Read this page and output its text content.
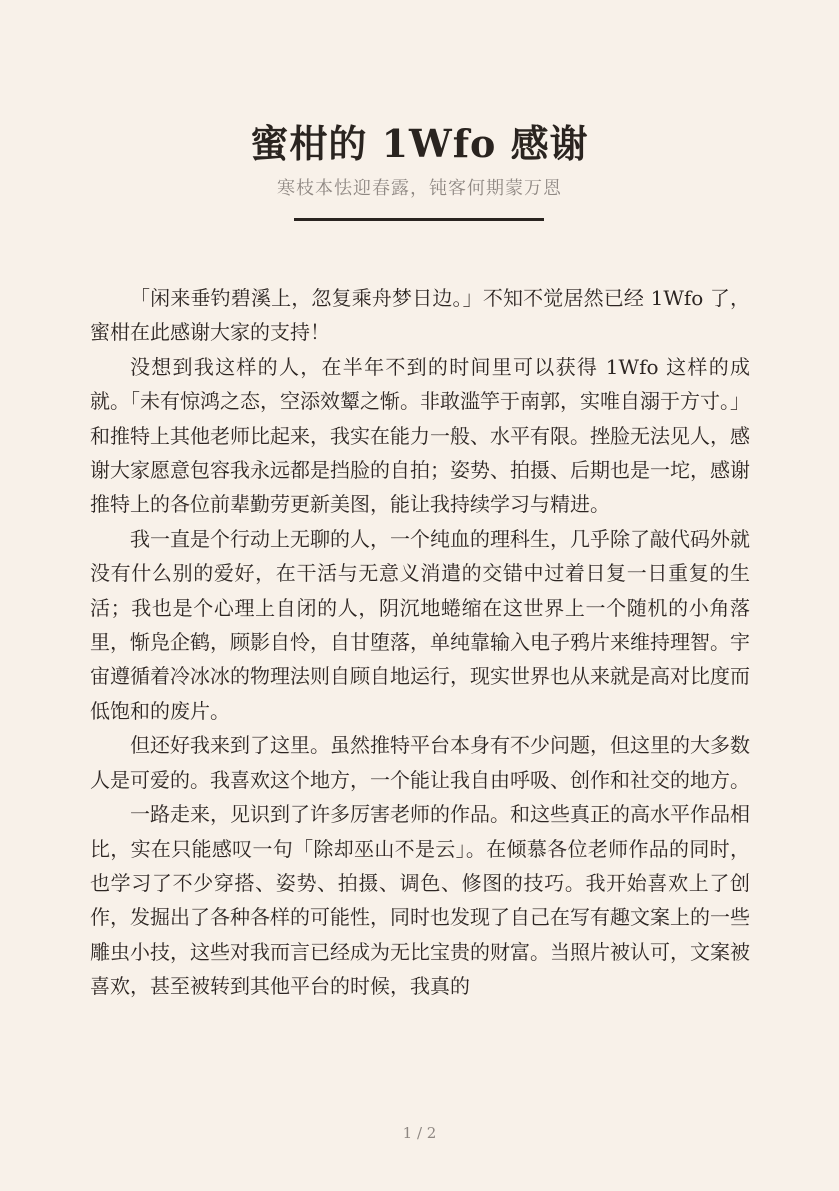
蜜柑的 1Wfo 感谢
寒枝本怯迎春露，钝客何期蒙万恩

「闲来垂钓碧溪上，忽复乘舟梦日边。」不知不觉居然已经 1Wfo 了，蜜柑在此感谢大家的支持！

没想到我这样的人，在半年不到的时间里可以获得 1Wfo 这样的成就。「未有惊鸿之态，空添效颦之惭。非敢滥竽于南郭，实唯自溺于方寸。」和推特上其他老师比起来，我实在能力一般、水平有限。挫脸无法见人，感谢大家愿意包容我永远都是挡脸的自拍；姿势、拍摄、后期也是一坨，感谢推特上的各位前辈勤劳更新美图，能让我持续学习与精进。

我一直是个行动上无聊的人，一个纯血的理科生，几乎除了敲代码外就没有什么别的爱好，在干活与无意义消遣的交错中过着日复一日重复的生活；我也是个心理上自闭的人，阴沉地蜷缩在这世界上一个随机的小角落里，惭凫企鹤，顾影自怜，自甘堕落，单纯靠输入电子鸦片来维持理智。宇宙遵循着冷冰冰的物理法则自顾自地运行，现实世界也从来就是高对比度而低饱和的废片。

但还好我来到了这里。虽然推特平台本身有不少问题，但这里的大多数人是可爱的。我喜欢这个地方，一个能让我自由呼吸、创作和社交的地方。

一路走来，见识到了许多厉害老师的作品。和这些真正的高水平作品相比，实在只能感叹一句「除却巫山不是云」。在倾慕各位老师作品的同时，也学习了不少穿搭、姿势、拍摄、调色、修图的技巧。我开始喜欢上了创作，发掘出了各种各样的可能性，同时也发现了自己在写有趣文案上的一些雕虫小技，这些对我而言已经成为无比宝贵的财富。当照片被认可，文案被喜欢，甚至被转到其他平台的时候，我真的

1 / 2
